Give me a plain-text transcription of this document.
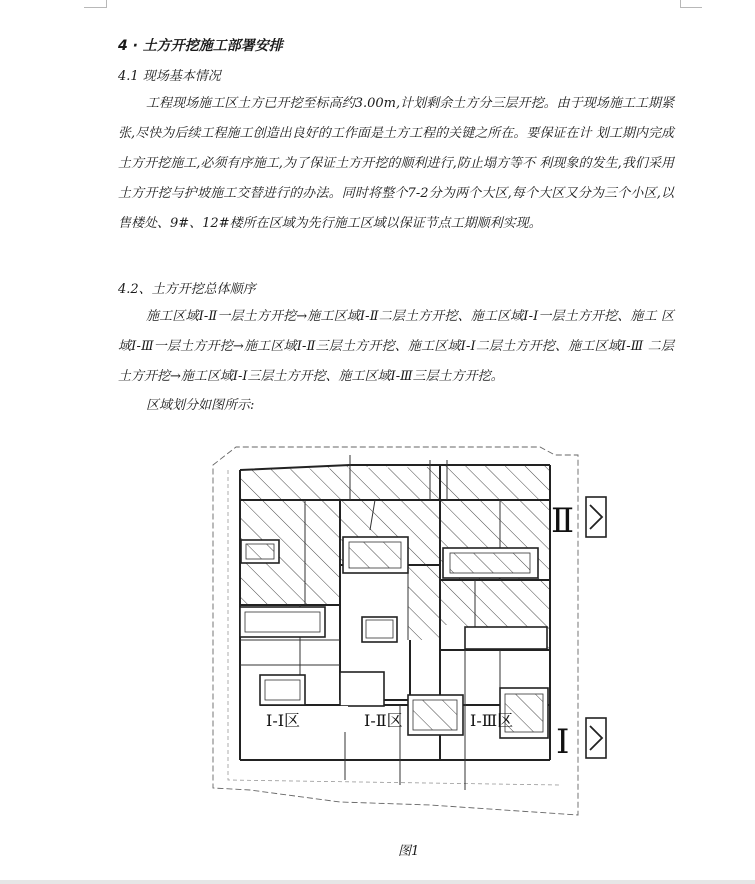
4 · 土方开挖施工部署安排
4.1 现场基本情况

工程现场施工区土方已开挖至标高约3.00m,计划剩余土方分三层开挖。由于现场施工工期紧张,尽快为后续工程施工创造出良好的工作面是土方工程的关键之所在。要保证在计 划工期内完成土方开挖施工,必须有序施工,为了保证土方开挖的顺利进行,防止塌方等不 利现象的发生,我们采用土方开挖与护坡施工交替进行的办法。同时将整个7-2分为两个大区,每个大区又分为三个小区,以售楼处、9#、12#楼所在区域为先行施工区域以保证节点工期顺利实现。

4.2、土方开挖总体顺序

施工区域Ⅰ-Ⅱ一层土方开挖→施工区域Ⅰ-Ⅱ二层土方开挖、施工区域Ⅰ-Ⅰ一层土方开挖、施工 区域Ⅰ-Ⅲ一层土方开挖→施工区域Ⅰ-Ⅱ三层土方开挖、施工区域Ⅰ-Ⅰ二层土方开挖、施工区域Ⅰ-Ⅲ 二层土方开挖→施工区域Ⅰ-Ⅰ三层土方开挖、施工区域Ⅰ-Ⅲ三层土方开挖。

区域划分如图所示:
Ⅰ-Ⅰ区	Ⅰ-Ⅱ区	Ⅰ-Ⅲ区
Ⅱ
Ⅰ
图1
